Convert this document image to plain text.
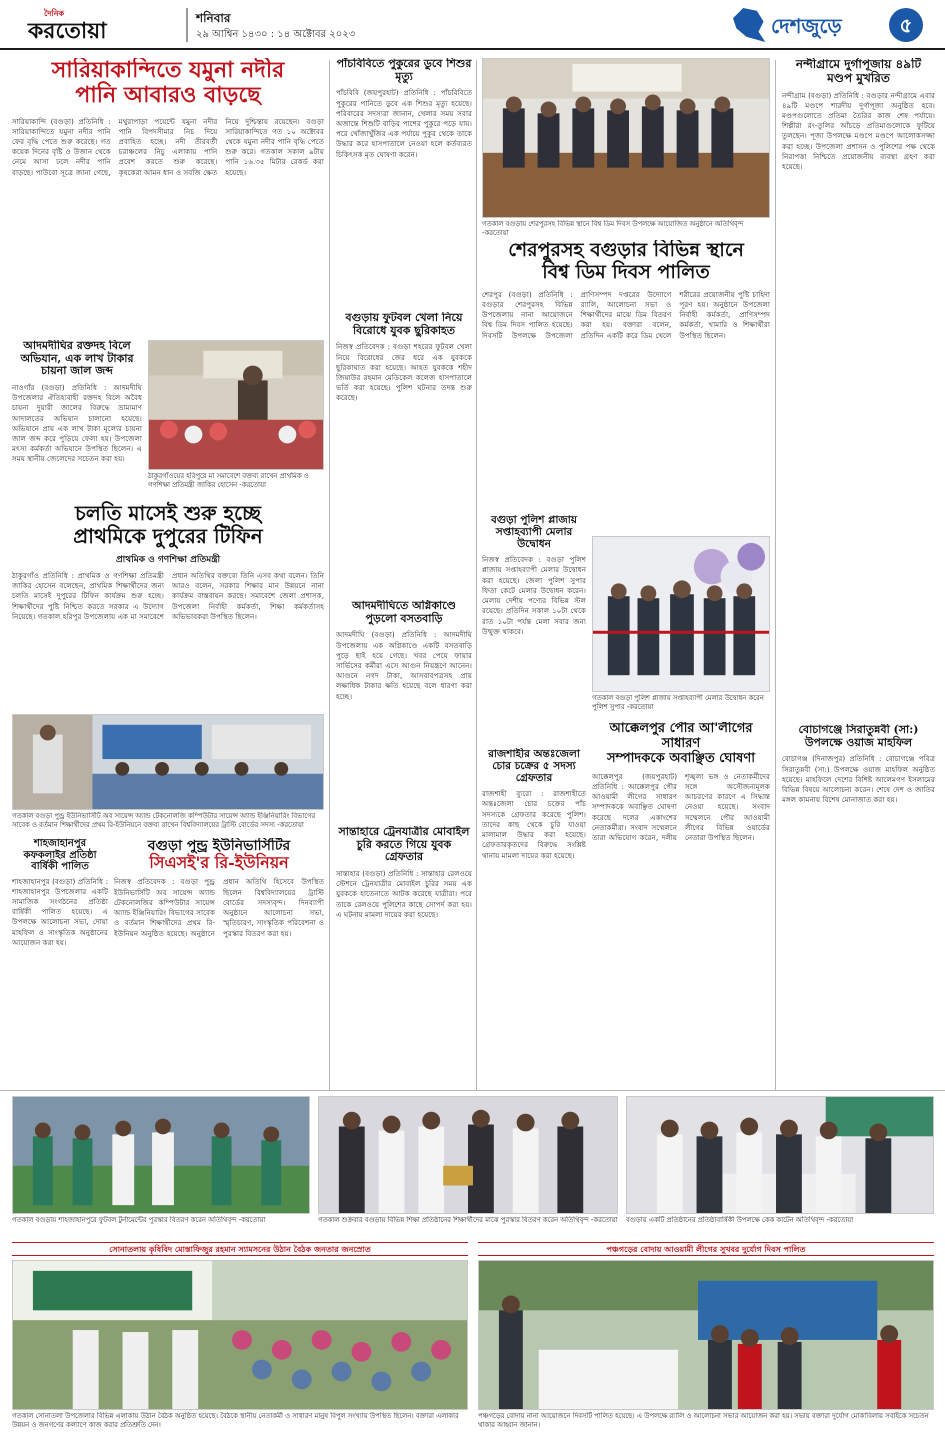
দৈনিক
করতোয়া	শনিবার
২৯ আশ্বিন ১৪৩০ : ১৪ অক্টোবর ২০২৩	দেশজুড়ে	৫
সারিয়াকান্দিতে যমুনা নদীর
পানি আবারও বাড়ছে
সারিয়াকান্দি (বগুড়া) প্রতিনিধি : সারিয়াকান্দিতে যমুনা নদীর পানি ফের বৃদ্ধি পেতে শুরু করেছে। গত কয়েক দিনের বৃষ্টি ও উজান থেকে নেমে আসা ঢলে নদীর পানি বাড়ছে। পাউবো সূত্রে জানা গেছে, মথুরাপাড়া পয়েন্টে যমুনা নদীর পানি বিপদসীমার নিচ দিয়ে প্রবাহিত হচ্ছে। নদী তীরবর্তী চরাঞ্চলের নিচু এলাকায় পানি প্রবেশ করতে শুরু করেছে। কৃষকেরা আমন ধান ও সবজি ক্ষেত নিয়ে দুশ্চিন্তায় রয়েছেন। বগুড়া সারিয়াকান্দিতে গত ১০ অক্টোবর থেকে যমুনা নদীর পানি বৃদ্ধি পেতে শুরু করে। গতকাল সকাল ৯টায় পানি ১৬.৩৫ মিটার রেকর্ড করা হয়েছে।
আদমদীঘির রক্তদহ বিলে অভিযান, এক লাখ টাকার চায়না জাল জব্দ
নাওগাঁর (বগুড়া) প্রতিনিধি : আদমদীঘি উপজেলার ঐতিহ্যবাহী রক্তদহ বিলে অবৈধ চায়না দুয়ারী জালের বিরুদ্ধে ভ্রাম্যমাণ আদালতের অভিযান চালানো হয়েছে। অভিযানে প্রায় এক লাখ টাকা মূল্যের চায়না জাল জব্দ করে পুড়িয়ে ফেলা হয়। উপজেলা মৎস্য কর্মকর্তা অভিযানে উপস্থিত ছিলেন। এ সময় স্থানীয় জেলেদের সচেতন করা হয়।
ঠাকুরগাঁওয়ের হরিপুরে মা সমাবেশে বক্তব্য রাখেন প্রাথমিক ও গণশিক্ষা প্রতিমন্ত্রী জাকির হোসেন -করতোয়া
চলতি মাসেই শুরু হচ্ছে
প্রাথমিকে দুপুরের টিফিন
প্রাথমিক ও গণশিক্ষা প্রতিমন্ত্রী
ঠাকুরগাঁও প্রতিনিধি : প্রাথমিক ও গণশিক্ষা প্রতিমন্ত্রী জাকির হোসেন বলেছেন, প্রাথমিক শিক্ষার্থীদের জন্য চলতি মাসেই দুপুরের টিফিন কার্যক্রম শুরু হচ্ছে। শিক্ষার্থীদের পুষ্টি নিশ্চিত করতে সরকার এ উদ্যোগ নিয়েছে। গতকাল হরিপুর উপজেলায় এক মা সমাবেশে প্রধান অতিথির বক্তব্যে তিনি এসব কথা বলেন। তিনি আরও বলেন, সরকার শিক্ষার মান উন্নয়নে নানা কার্যক্রম বাস্তবায়ন করছে। সমাবেশে জেলা প্রশাসক, উপজেলা নির্বাহী কর্মকর্তা, শিক্ষা কর্মকর্তাসহ অভিভাবকরা উপস্থিত ছিলেন।
গতকাল বগুড়া পুন্ড্র ইউনিভার্সিটি অব সায়েন্স অ্যান্ড টেকনোলজি কম্পিউটার সায়েন্স অ্যান্ড ইঞ্জিনিয়ারিং বিভাগের সাবেক ও বর্তমান শিক্ষার্থীদের প্রথম রি-ইউনিয়নে বক্তব্য রাখেন বিশ্ববিদ্যালয়ের ট্রাস্টি বোর্ডের সদস্য -করতোয়া
শাহজাহানপুর কফকলাইর প্রতিষ্ঠা বার্ষিকী পালিত
শাহজাহানপুর (বগুড়া) প্রতিনিধি : শাহজাহানপুর উপজেলার একটি সামাজিক সংগঠনের প্রতিষ্ঠা বার্ষিকী পালিত হয়েছে। এ উপলক্ষে আলোচনা সভা, দোয়া মাহফিল ও সাংস্কৃতিক অনুষ্ঠানের আয়োজন করা হয়।
বগুড়া পুন্ড্র ইউনিভার্সিটির
সিএসই'র রি-ইউনিয়ন
নিজস্ব প্রতিবেদক : বগুড়া পুন্ড্র ইউনিভার্সিটি অব সায়েন্স অ্যান্ড টেকনোলজির কম্পিউটার সায়েন্স অ্যান্ড ইঞ্জিনিয়ারিং বিভাগের সাবেক ও বর্তমান শিক্ষার্থীদের প্রথম রি-ইউনিয়ন অনুষ্ঠিত হয়েছে। অনুষ্ঠানে প্রধান অতিথি হিসেবে উপস্থিত ছিলেন বিশ্ববিদ্যালয়ের ট্রাস্টি বোর্ডের সদস্যবৃন্দ। দিনব্যাপী অনুষ্ঠানে আলোচনা সভা, স্মৃতিচারণ, সাংস্কৃতিক পরিবেশনা ও পুরস্কার বিতরণ করা হয়।
পাঁচবিবিতে পুকুরের ডুবে শিশুর মৃত্যু
পাঁচবিবি (জয়পুরহাট) প্রতিনিধি : পাঁচবিবিতে পুকুরের পানিতে ডুবে এক শিশুর মৃত্যু হয়েছে। পরিবারের সদস্যরা জানান, খেলার সময় সবার অজান্তে শিশুটি বাড়ির পাশের পুকুরে পড়ে যায়। পরে খোঁজাখুঁজির এক পর্যায়ে পুকুর থেকে তাকে উদ্ধার করে হাসপাতালে নেওয়া হলে কর্তব্যরত চিকিৎসক মৃত ঘোষণা করেন।
বগুড়ায় ফুটবল খেলা নিয়ে বিরোধে যুবক ছুরিকাহত
নিজস্ব প্রতিবেদক : বগুড়া শহরের ফুটবল খেলা নিয়ে বিরোধের জের ধরে এক যুবককে ছুরিকাঘাত করা হয়েছে। আহত যুবককে শহীদ জিয়াউর রহমান মেডিকেল কলেজ হাসপাতালে ভর্তি করা হয়েছে। পুলিশ ঘটনার তদন্ত শুরু করেছে।
আদমদীঘিতে অগ্নিকাণ্ডে পুড়লো বসতবাড়ি
আদমদীঘি (বগুড়া) প্রতিনিধি : আদমদীঘি উপজেলায় এক অগ্নিকাণ্ডে একটি বসতবাড়ি পুড়ে ছাই হয়ে গেছে। খবর পেয়ে ফায়ার সার্ভিসের কর্মীরা এসে আগুন নিয়ন্ত্রণে আনেন। আগুনে নগদ টাকা, আসবাবপত্রসহ প্রায় লক্ষাধিক টাকার ক্ষতি হয়েছে বলে ধারণা করা হচ্ছে।
সান্তাহারে ট্রেনযাত্রীর মোবাইল চুরি করতে গিয়ে যুবক গ্রেফতার
সান্তাহার (বগুড়া) প্রতিনিধি : সান্তাহার রেলওয়ে স্টেশনে ট্রেনযাত্রীর মোবাইল চুরির সময় এক যুবককে হাতেনাতে আটক করেছে যাত্রীরা। পরে তাকে রেলওয়ে পুলিশের কাছে সোপর্দ করা হয়। এ ঘটনায় মামলা দায়ের করা হয়েছে।
গতকাল বগুড়ায় শেরপুরসহ বিভিন্ন স্থানে বিশ্ব ডিম দিবস উপলক্ষে আয়োজিত অনুষ্ঠানে অতিথিবৃন্দ -করতোয়া
শেরপুরসহ বগুড়ার বিভিন্ন স্থানে
বিশ্ব ডিম দিবস পালিত
শেরপুর (বগুড়া) প্রতিনিধি : বগুড়ার শেরপুরসহ বিভিন্ন উপজেলায় নানা আয়োজনে বিশ্ব ডিম দিবস পালিত হয়েছে। দিবসটি উপলক্ষে উপজেলা প্রাণিসম্পদ দপ্তরের উদ্যোগে র‌্যালি, আলোচনা সভা ও শিক্ষার্থীদের মাঝে ডিম বিতরণ করা হয়। বক্তারা বলেন, প্রতিদিন একটি করে ডিম খেলে শরীরের প্রয়োজনীয় পুষ্টি চাহিদা পূরণ হয়। অনুষ্ঠানে উপজেলা নির্বাহী কর্মকর্তা, প্রাণিসম্পদ কর্মকর্তা, খামারি ও শিক্ষার্থীরা উপস্থিত ছিলেন।
বগুড়া পুলিশ প্লাজায় সপ্তাহব্যাপী মেলার উদ্বোধন
নিজস্ব প্রতিবেদক : বগুড়া পুলিশ প্লাজায় সপ্তাহব্যাপী মেলার উদ্বোধন করা হয়েছে। জেলা পুলিশ সুপার ফিতা কেটে মেলার উদ্বোধন করেন। মেলায় দেশীয় পণ্যের বিভিন্ন স্টল রয়েছে। প্রতিদিন সকাল ১০টা থেকে রাত ১০টা পর্যন্ত মেলা সবার জন্য উন্মুক্ত থাকবে।
গতকাল বগুড়া পুলিশ প্লাজায় সপ্তাহব্যাপী মেলার উদ্বোধন করেন পুলিশ সুপার -করতোয়া
রাজশাহীর অন্তঃজেলা চোর চক্রের ৫ সদস্য গ্রেফতার
রাজশাহী ব্যুরো : রাজশাহীতে অন্তঃজেলা চোর চক্রের পাঁচ সদস্যকে গ্রেফতার করেছে পুলিশ। তাদের কাছ থেকে চুরি যাওয়া মালামাল উদ্ধার করা হয়েছে। গ্রেফতারকৃতদের বিরুদ্ধে সংশ্লিষ্ট থানায় মামলা দায়ের করা হয়েছে।
আক্কেলপুর পৌর আ'লীগের সাধারণ
সম্পাদককে অবাঞ্ছিত ঘোষণা
আক্কেলপুর (জয়পুরহাট) প্রতিনিধি : আক্কেলপুর পৌর আওয়ামী লীগের সাধারণ সম্পাদককে অবাঞ্ছিত ঘোষণা করেছে দলের একাংশের নেতাকর্মীরা। সংবাদ সম্মেলনে তারা অভিযোগ করেন, দলীয় শৃঙ্খলা ভঙ্গ ও নেতাকর্মীদের সঙ্গে অসৌজন্যমূলক আচরণের কারণে এ সিদ্ধান্ত নেওয়া হয়েছে। সংবাদ সম্মেলনে পৌর আওয়ামী লীগের বিভিন্ন ওয়ার্ডের নেতারা উপস্থিত ছিলেন।
নন্দীগ্রামে দুর্গাপূজায় ৪৯টি মণ্ডপ মুখরিত
নন্দীগ্রাম (বগুড়া) প্রতিনিধি : বগুড়ার নন্দীগ্রামে এবার ৪৯টি মণ্ডপে শারদীয় দুর্গাপূজা অনুষ্ঠিত হবে। মণ্ডপগুলোতে প্রতিমা তৈরির কাজ শেষ পর্যায়ে। শিল্পীরা রং-তুলির আঁচড়ে প্রতিমাগুলোকে ফুটিয়ে তুলছেন। পূজা উপলক্ষে মণ্ডপে মণ্ডপে আলোকসজ্জা করা হচ্ছে। উপজেলা প্রশাসন ও পুলিশের পক্ষ থেকে নিরাপত্তা নিশ্চিতে প্রয়োজনীয় ব্যবস্থা গ্রহণ করা হয়েছে।
বোচাগঞ্জে সিরাতুন্নবী (সা:) উপলক্ষে ওয়াজ মাহফিল
বোচাগঞ্জ (দিনাজপুর) প্রতিনিধি : বোচাগঞ্জে পবিত্র সিরাতুন্নবী (সা:) উপলক্ষে ওয়াজ মাহফিল অনুষ্ঠিত হয়েছে। মাহফিলে দেশের বিশিষ্ট আলেমগণ ইসলামের বিভিন্ন বিষয়ে আলোচনা করেন। শেষে দেশ ও জাতির মঙ্গল কামনায় বিশেষ মোনাজাত করা হয়।
গতকাল বগুড়ায় শাহজাহানপুরে ফুটবল টুর্নামেন্টের পুরস্কার বিতরণ করেন অতিথিবৃন্দ -করতোয়া	গতকাল শুক্রবার বগুড়ায় বিভিন্ন শিক্ষা প্রতিষ্ঠানের শিক্ষার্থীদের মাঝে পুরস্কার বিতরণ করেন অতিথিবৃন্দ -করতোয়া বগুড়ায় একটি প্রতিষ্ঠানের প্রতিষ্ঠাবার্ষিকী উপলক্ষে কেক কাটেন অতিথিবৃন্দ -করতোয়া
সোনাতলায় কৃষিবিদ মোস্তাফিজুর রহমান স্যামসনের উঠান বৈঠক জনতার জনস্রোত	পঞ্চগড়ের বোদায় আওয়ামী লীগের সুখবর দুর্যোগ দিবস পালিত
গতকাল সোনাতলা উপজেলার বিভিন্ন এলাকায় উঠান বৈঠক অনুষ্ঠিত হয়েছে। বৈঠকে স্থানীয় নেতাকর্মী ও সাধারণ মানুষ বিপুল সংখ্যায় উপস্থিত ছিলেন। বক্তারা এলাকার উন্নয়ন ও জনগণের কল্যাণে কাজ করার প্রতিশ্রুতি দেন।
পঞ্চগড়ের বোদায় নানা আয়োজনে দিবসটি পালিত হয়েছে। এ উপলক্ষে র‍্যালি ও আলোচনা সভার আয়োজন করা হয়। সভায় বক্তারা দুর্যোগ মোকাবিলায় সবাইকে সচেতন থাকার আহ্বান জানান।
